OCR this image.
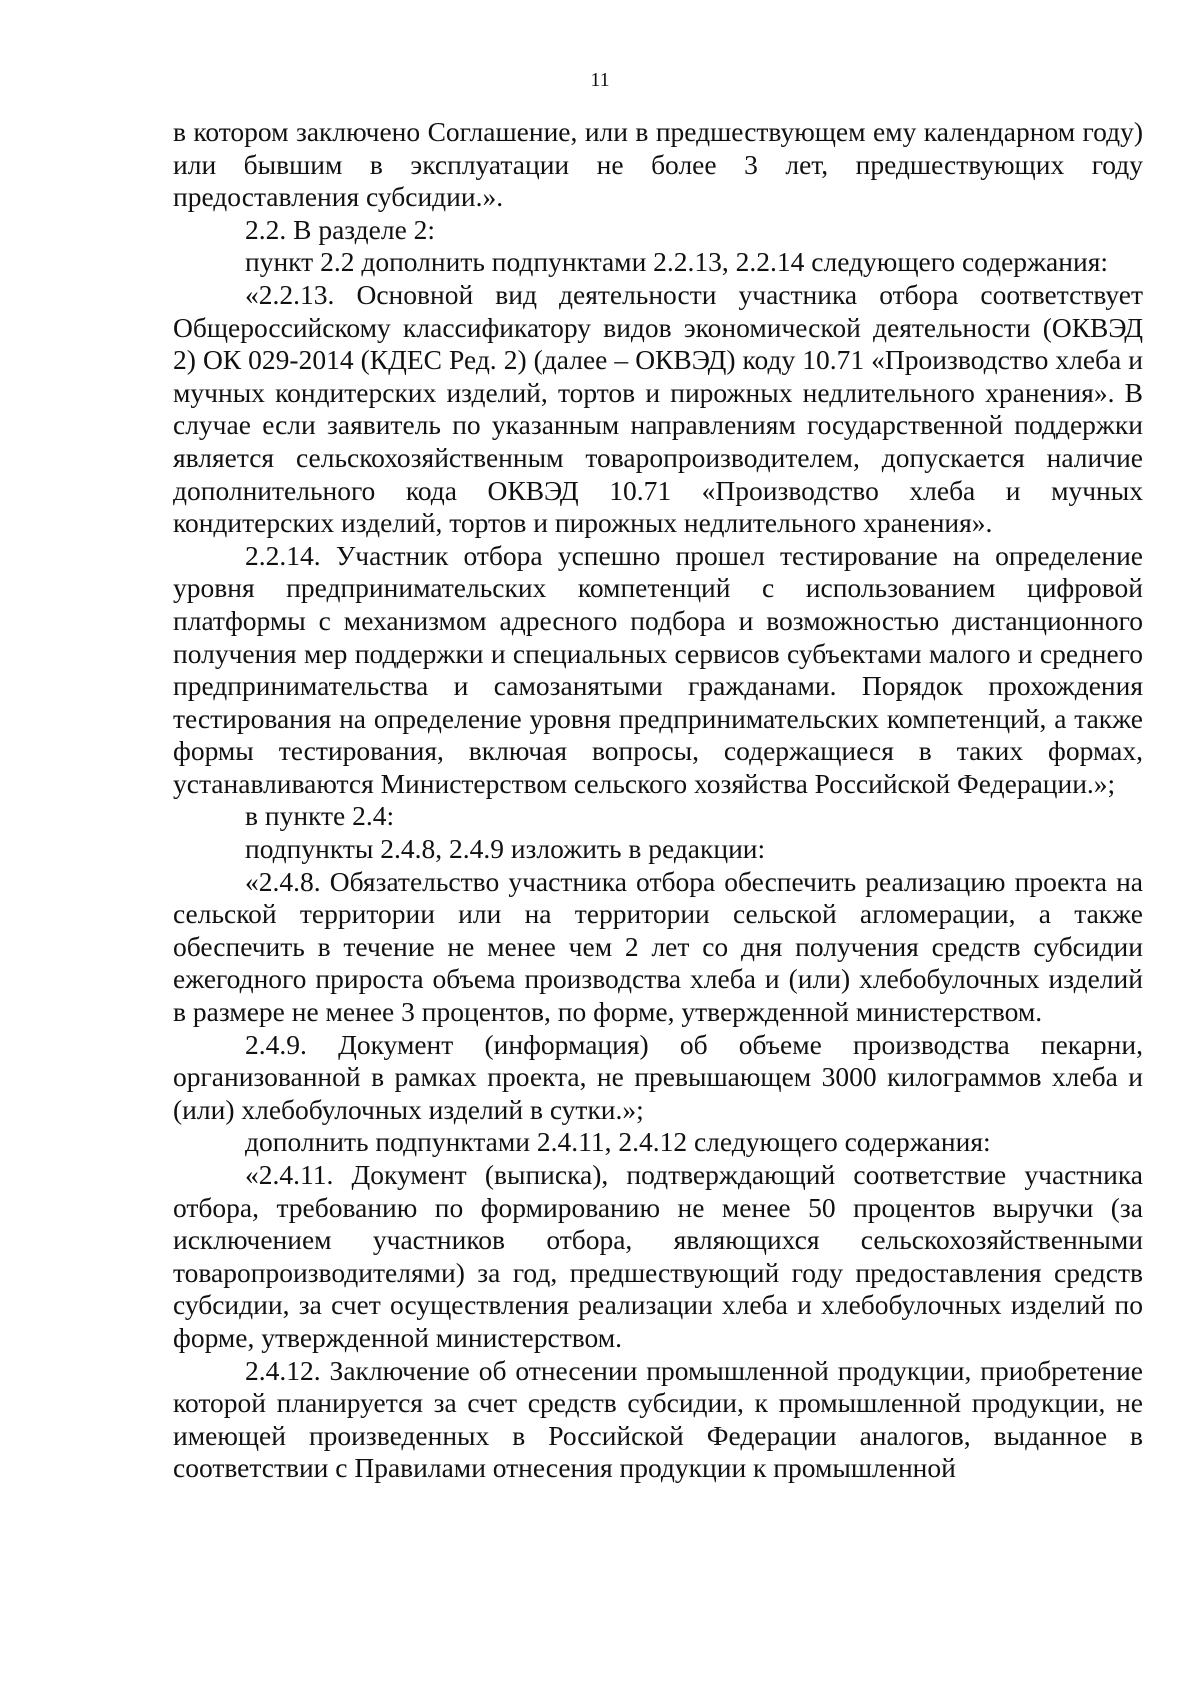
11

в котором заключено Соглашение, или в предшествующем ему календарном году) или бывшим в эксплуатации не более 3 лет, предшествующих году предоставления субсидии.».

2.2. В разделе 2:

пункт 2.2 дополнить подпунктами 2.2.13, 2.2.14 следующего содержания:

«2.2.13. Основной вид деятельности участника отбора соответствует Общероссийскому классификатору видов экономической деятельности (ОКВЭД 2) ОК 029-2014 (КДЕС Ред. 2) (далее – ОКВЭД) коду 10.71 «Производство хлеба и мучных кондитерских изделий, тортов и пирожных недлительного хранения». В случае если заявитель по указанным направлениям государственной поддержки является сельскохозяйственным товаропроизводителем, допускается наличие дополнительного кода ОКВЭД 10.71 «Производство хлеба и мучных кондитерских изделий, тортов и пирожных недлительного хранения».

2.2.14. Участник отбора успешно прошел тестирование на определение уровня предпринимательских компетенций с использованием цифровой платформы с механизмом адресного подбора и возможностью дистанционного получения мер поддержки и специальных сервисов субъектами малого и среднего предпринимательства и самозанятыми гражданами. Порядок прохождения тестирования на определение уровня предпринимательских компетенций, а также формы тестирования, включая вопросы, содержащиеся в таких формах, устанавливаются Министерством сельского хозяйства Российской Федерации.»;

в пункте 2.4:

подпункты 2.4.8, 2.4.9 изложить в редакции:

«2.4.8. Обязательство участника отбора обеспечить реализацию проекта на сельской территории или на территории сельской агломерации, а также обеспечить в течение не менее чем 2 лет со дня получения средств субсидии ежегодного прироста объема производства хлеба и (или) хлебобулочных изделий в размере не менее 3 процентов, по форме, утвержденной министерством.

2.4.9. Документ (информация) об объеме производства пекарни, организованной в рамках проекта, не превышающем 3000 килограммов хлеба и (или) хлебобулочных изделий в сутки.»;

дополнить подпунктами 2.4.11, 2.4.12 следующего содержания:

«2.4.11. Документ (выписка), подтверждающий соответствие участника отбора, требованию по формированию не менее 50 процентов выручки (за исключением участников отбора, являющихся сельскохозяйственными товаропроизводителями) за год, предшествующий году предоставления средств субсидии, за счет осуществления реализации хлеба и хлебобулочных изделий по форме, утвержденной министерством.

2.4.12. Заключение об отнесении промышленной продукции, приобретение которой планируется за счет средств субсидии, к промышленной продукции, не имеющей произведенных в Российской Федерации аналогов, выданное в соответствии с Правилами отнесения продукции к промышленной
